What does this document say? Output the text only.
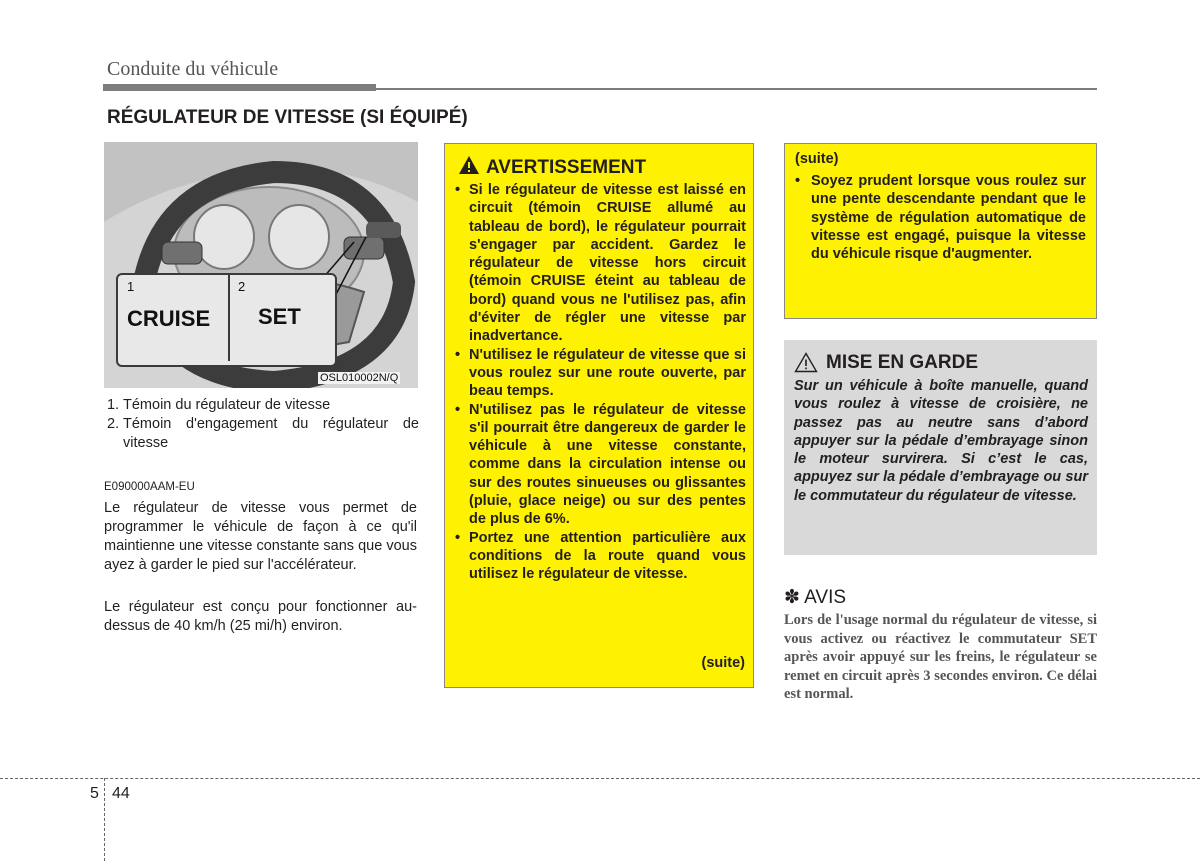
Conduite du véhicule
RÉGULATEUR DE VITESSE (SI ÉQUIPÉ)
1
CRUISE
2
SET
OSL010002N/Q
1. Témoin du régulateur de vitesse
2. Témoin d'engagement du régulateur de vitesse
E090000AAM-EU
Le régulateur de vitesse vous permet de programmer le véhicule de façon à ce qu'il maintienne une vitesse constante sans que vous ayez à garder le pied sur l'accélérateur.
Le régulateur est conçu pour fonctionner au-dessus de 40 km/h (25 mi/h) environ.
AVERTISSEMENT
• Si le régulateur de vitesse est laissé en circuit (témoin CRUISE allumé au tableau de bord), le régulateur pourrait s'engager par accident. Gardez le régulateur de vitesse hors circuit (témoin CRUISE éteint au tableau de bord) quand vous ne l'utilisez pas, afin d'éviter de régler une vitesse par inadvertance.
• N'utilisez le régulateur de vitesse que si vous roulez sur une route ouverte, par beau temps.
• N'utilisez pas le régulateur de vitesse s'il pourrait être dangereux de garder le véhicule à une vitesse constante, comme dans la circulation intense ou sur des routes sinueuses ou glissantes (pluie, glace neige) ou sur des pentes de plus de 6%.
• Portez une attention particulière aux conditions de la route quand vous utilisez le régulateur de vitesse.
(suite)
(suite)
• Soyez prudent lorsque vous roulez sur une pente descendante pendant que le système de régulation automatique de vitesse est engagé, puisque la vitesse du véhicule risque d'augmenter.
MISE EN GARDE
Sur un véhicule à boîte manuelle, quand vous roulez à vitesse de croisière, ne passez pas au neutre sans d’abord appuyer sur la pédale d’embrayage sinon le moteur survirera. Si c’est le cas, appuyez sur la pédale d’embrayage ou sur le commutateur du régulateur de vitesse.
✽ AVIS
Lors de l'usage normal du régulateur de vitesse, si vous activez ou réactivez le commutateur SET après avoir appuyé sur les freins, le régulateur se remet en circuit après 3 secondes environ. Ce délai est normal.
5 44
